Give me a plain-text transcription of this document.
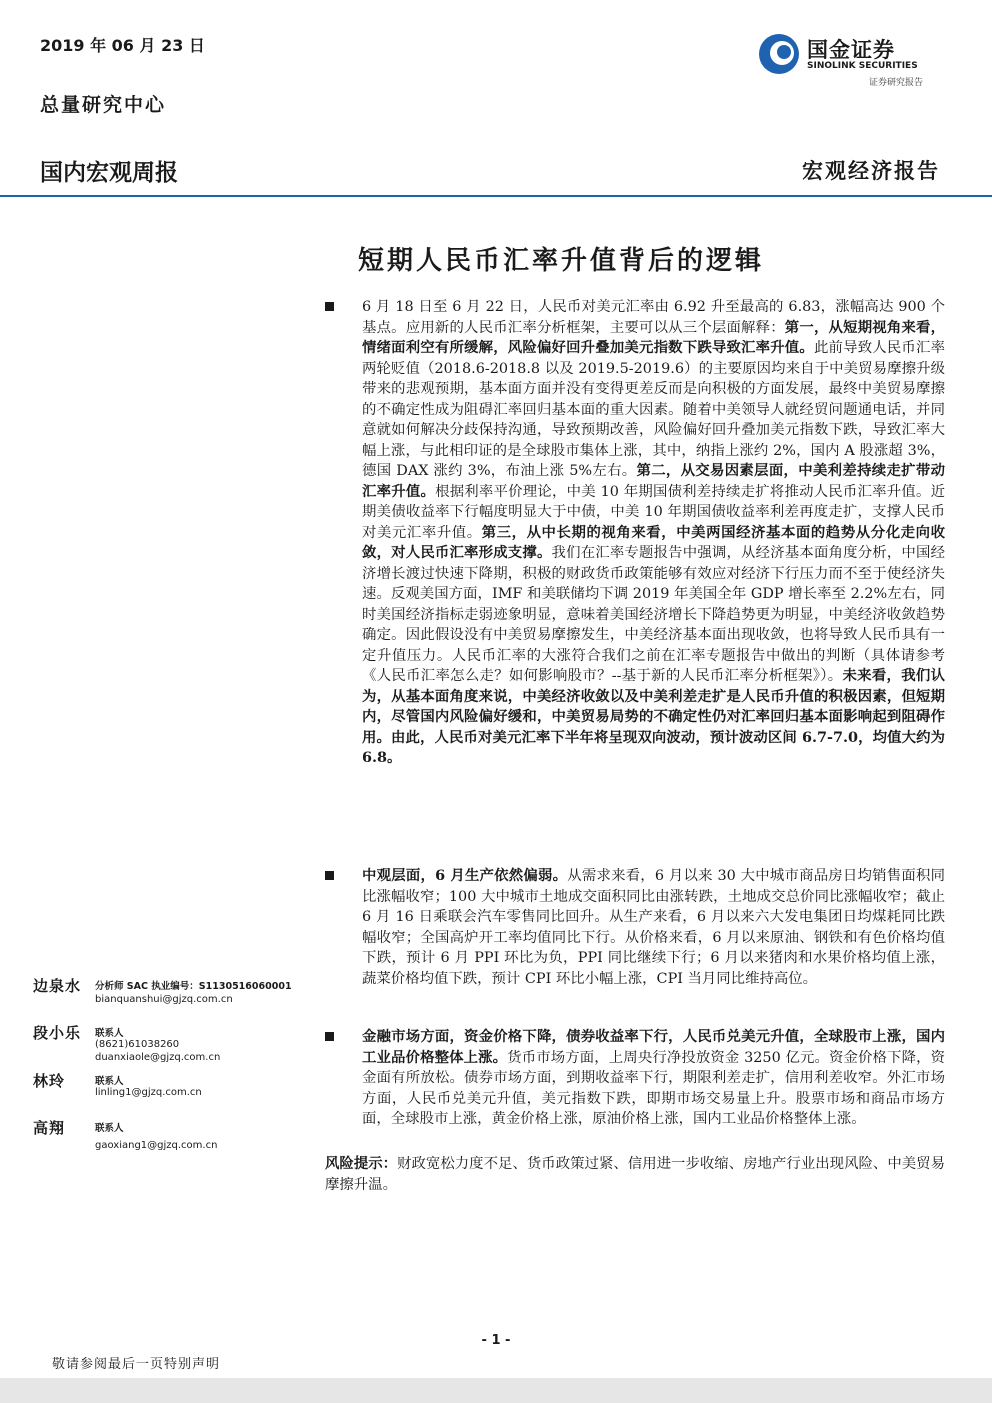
2019 年 06 月 23 日
总量研究中心
国金证券
SINOLINK SECURITIES
证券研究报告
国内宏观周报	宏观经济报告
短期人民币汇率升值背后的逻辑
6 月 18 日至 6 月 22 日，人民币对美元汇率由 6.92 升至最高的 6.83，涨幅高达 900 个基点。应用新的人民币汇率分析框架，主要可以从三个层面解释：第一，从短期视角来看，情绪面利空有所缓解，风险偏好回升叠加美元指数下跌导致汇率升值。此前导致人民币汇率两轮贬值（2018.6-2018.8 以及 2019.5-2019.6）的主要原因均来自于中美贸易摩擦升级带来的悲观预期，基本面方面并没有变得更差反而是向积极的方面发展，最终中美贸易摩擦的不确定性成为阻碍汇率回归基本面的重大因素。随着中美领导人就经贸问题通电话，并同意就如何解决分歧保持沟通，导致预期改善，风险偏好回升叠加美元指数下跌，导致汇率大幅上涨，与此相印证的是全球股市集体上涨，其中，纳指上涨约 2%，国内 A 股涨超 3%，德国 DAX 涨约 3%，布油上涨 5%左右。第二，从交易因素层面，中美利差持续走扩带动汇率升值。根据利率平价理论，中美 10 年期国债利差持续走扩将推动人民币汇率升值。近期美债收益率下行幅度明显大于中债，中美 10 年期国债收益率利差再度走扩，支撑人民币对美元汇率升值。第三，从中长期的视角来看，中美两国经济基本面的趋势从分化走向收敛，对人民币汇率形成支撑。我们在汇率专题报告中强调，从经济基本面角度分析，中国经济增长渡过快速下降期，积极的财政货币政策能够有效应对经济下行压力而不至于使经济失速。反观美国方面，IMF 和美联储均下调 2019 年美国全年 GDP 增长率至 2.2%左右，同时美国经济指标走弱迹象明显，意味着美国经济增长下降趋势更为明显，中美经济收敛趋势确定。因此假设没有中美贸易摩擦发生，中美经济基本面出现收敛，也将导致人民币具有一定升值压力。人民币汇率的大涨符合我们之前在汇率专题报告中做出的判断（具体请参考《人民币汇率怎么走？如何影响股市？--基于新的人民币汇率分析框架》）。未来看，我们认为，从基本面角度来说，中美经济收敛以及中美利差走扩是人民币升值的积极因素，但短期内，尽管国内风险偏好缓和，中美贸易局势的不确定性仍对汇率回归基本面影响起到阻碍作用。由此，人民币对美元汇率下半年将呈现双向波动，预计波动区间 6.7-7.0，均值大约为 6.8。
中观层面，6 月生产依然偏弱。从需求来看，6 月以来 30 大中城市商品房日均销售面积同比涨幅收窄；100 大中城市土地成交面积同比由涨转跌，土地成交总价同比涨幅收窄；截止 6 月 16 日乘联会汽车零售同比回升。从生产来看，6 月以来六大发电集团日均煤耗同比跌幅收窄；全国高炉开工率均值同比下行。从价格来看，6 月以来原油、钢铁和有色价格均值下跌，预计 6 月 PPI 环比为负，PPI 同比继续下行；6 月以来猪肉和水果价格均值上涨，蔬菜价格均值下跌，预计 CPI 环比小幅上涨，CPI 当月同比维持高位。
金融市场方面，资金价格下降，债券收益率下行，人民币兑美元升值，全球股市上涨，国内工业品价格整体上涨。货币市场方面，上周央行净投放资金 3250 亿元。资金价格下降，资金面有所放松。债券市场方面，到期收益率下行，期限利差走扩，信用利差收窄。外汇市场方面，人民币兑美元升值，美元指数下跌，即期市场交易量上升。股票市场和商品市场方面，全球股市上涨，黄金价格上涨，原油价格上涨，国内工业品价格整体上涨。
风险提示：财政宽松力度不足、货币政策过紧、信用进一步收缩、房地产行业出现风险、中美贸易摩擦升温。
边泉水 分析师 SAC 执业编号：S1130516060001
bianquanshui@gjzq.com.cn
段小乐 联系人
(8621)61038260
duanxiaole@gjzq.com.cn
林玲	联系人
linling1@gjzq.com.cn
高翔	联系人
gaoxiang1@gjzq.com.cn
- 1 -
敬请参阅最后一页特别声明
